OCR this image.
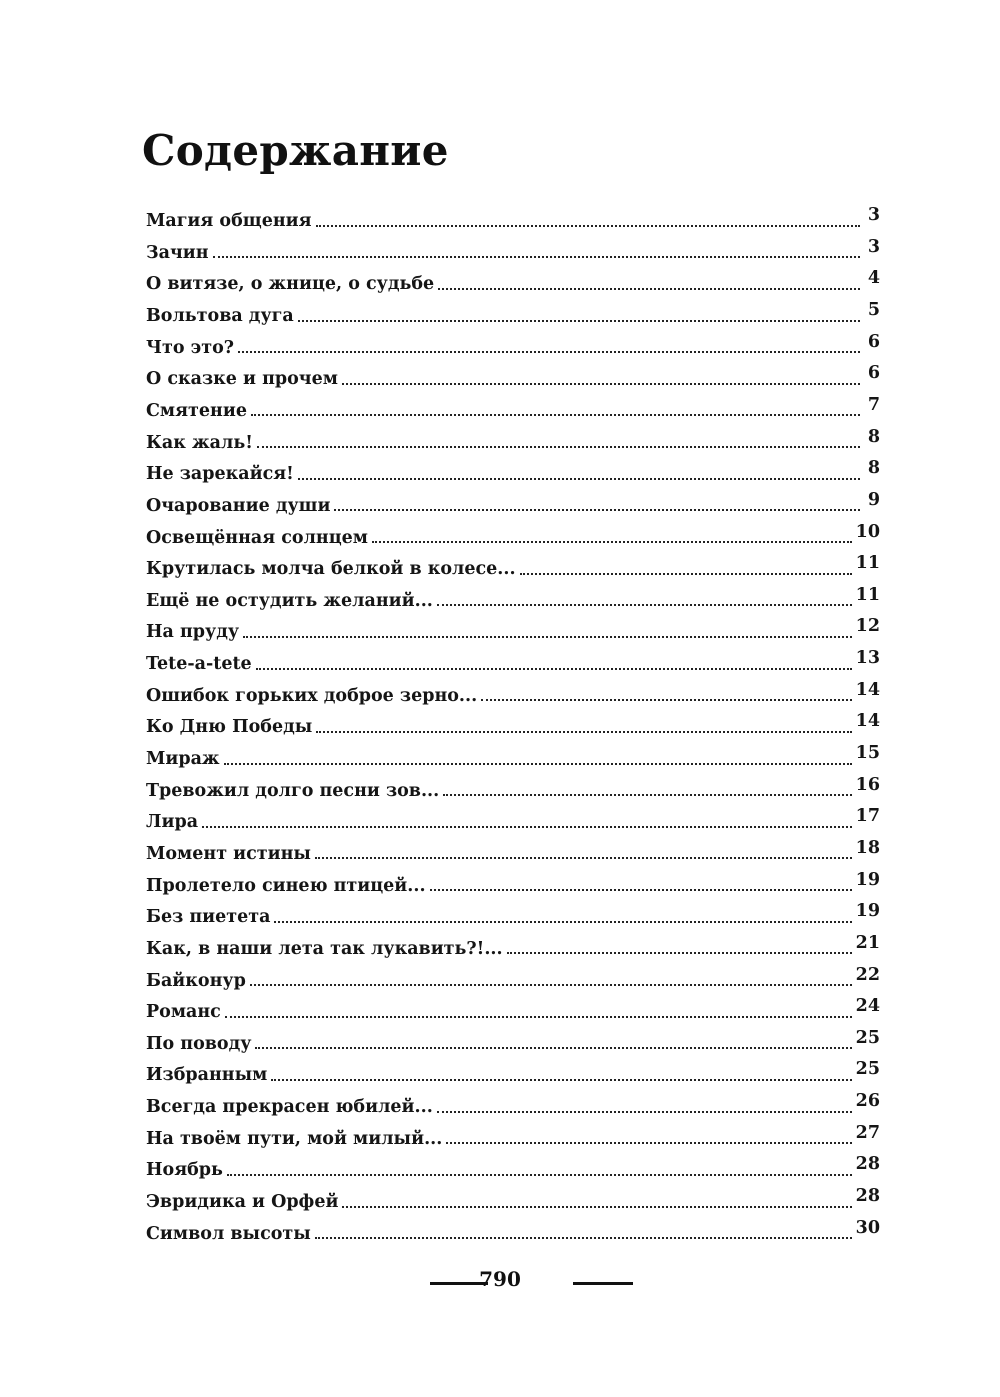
Содержание
Магия общения	3
Зачин	3
О витязе, о жнице, о судьбе	4
Вольтова дуга	5
Что это?	6
О сказке и прочем	6
Смятение	7
Как жаль!	8
Не зарекайся!	8
Очарование души	9
Освещённая солнцем	10
Крутилась молча белкой в колесе...	11
Ещё не остудить желаний...	11
На пруду	12
Tete-a-tete	13
Ошибок горьких доброе зерно...	14
Ко Дню Победы	14
Мираж	15
Тревожил долго песни зов...	16
Лира	17
Момент истины	18
Пролетело синею птицей...	19
Без пиетета	19
Как, в наши лета так лукавить?!...	21
Байконур	22
Романс	24
По поводу	25
Избранным	25
Всегда прекрасен юбилей...	26
На твоём пути, мой милый...	27
Ноябрь	28
Эвридика и Орфей	28
Символ высоты	30
790
